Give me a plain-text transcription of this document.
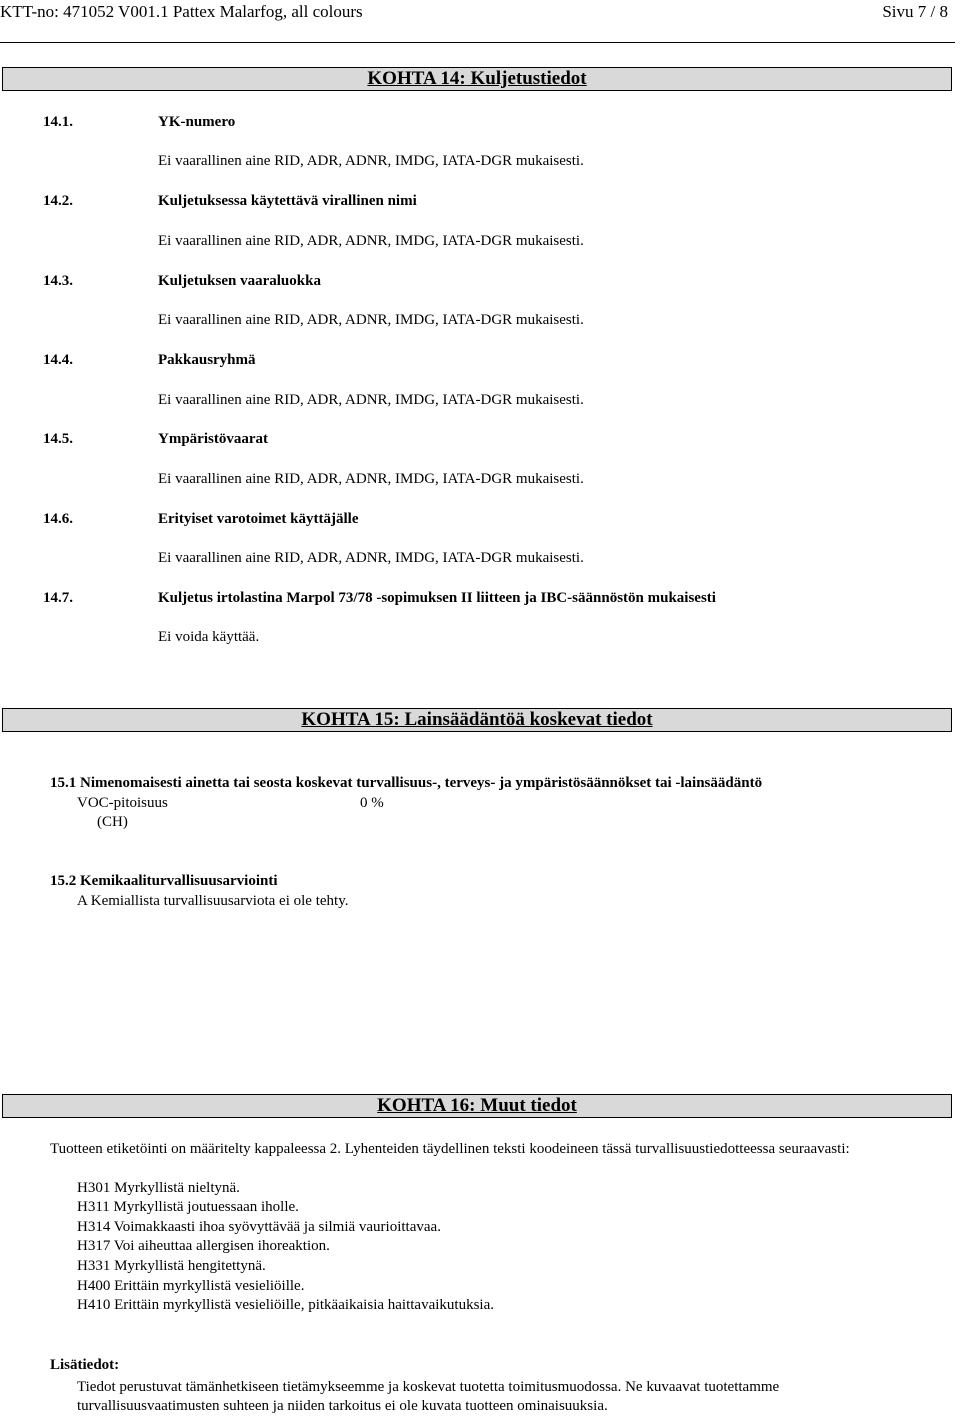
KTT-no: 471052 V001.1 Pattex Malarfog, all colours	Sivu 7 / 8
KOHTA 14: Kuljetustiedot
14.1.	YK-numero
Ei vaarallinen aine RID, ADR, ADNR, IMDG, IATA-DGR mukaisesti.
14.2.	Kuljetuksessa käytettävä virallinen nimi
Ei vaarallinen aine RID, ADR, ADNR, IMDG, IATA-DGR mukaisesti.
14.3.	Kuljetuksen vaaraluokka
Ei vaarallinen aine RID, ADR, ADNR, IMDG, IATA-DGR mukaisesti.
14.4.	Pakkausryhmä
Ei vaarallinen aine RID, ADR, ADNR, IMDG, IATA-DGR mukaisesti.
14.5.	Ympäristövaarat
Ei vaarallinen aine RID, ADR, ADNR, IMDG, IATA-DGR mukaisesti.
14.6.	Erityiset varotoimet käyttäjälle
Ei vaarallinen aine RID, ADR, ADNR, IMDG, IATA-DGR mukaisesti.
14.7.	Kuljetus irtolastina Marpol 73/78 -sopimuksen II liitteen ja IBC-säännöstön mukaisesti
Ei voida käyttää.
KOHTA 15: Lainsäädäntöä koskevat tiedot
15.1 Nimenomaisesti ainetta tai seosta koskevat turvallisuus-, terveys- ja ympäristösäännökset tai -lainsäädäntö
VOC-pitoisuus	0 %
(CH)
15.2 Kemikaaliturvallisuusarviointi
A Kemiallista turvallisuusarviota ei ole tehty.
KOHTA 16: Muut tiedot
Tuotteen etiketöinti on määritelty kappaleessa 2. Lyhenteiden täydellinen teksti koodeineen tässä turvallisuustiedotteessa seuraavasti:
H301 Myrkyllistä nieltynä.
H311 Myrkyllistä joutuessaan iholle.
H314 Voimakkaasti ihoa syövyttävää ja silmiä vaurioittavaa.
H317 Voi aiheuttaa allergisen ihoreaktion.
H331 Myrkyllistä hengitettynä.
H400 Erittäin myrkyllistä vesieliöille.
H410 Erittäin myrkyllistä vesieliöille, pitkäaikaisia haittavaikutuksia.
Lisätiedot:
Tiedot perustuvat tämänhetkiseen tietämykseemme ja koskevat tuotetta toimitusmuodossa. Ne kuvaavat tuotettamme turvallisuusvaatimusten suhteen ja niiden tarkoitus ei ole kuvata tuotteen ominaisuuksia.
